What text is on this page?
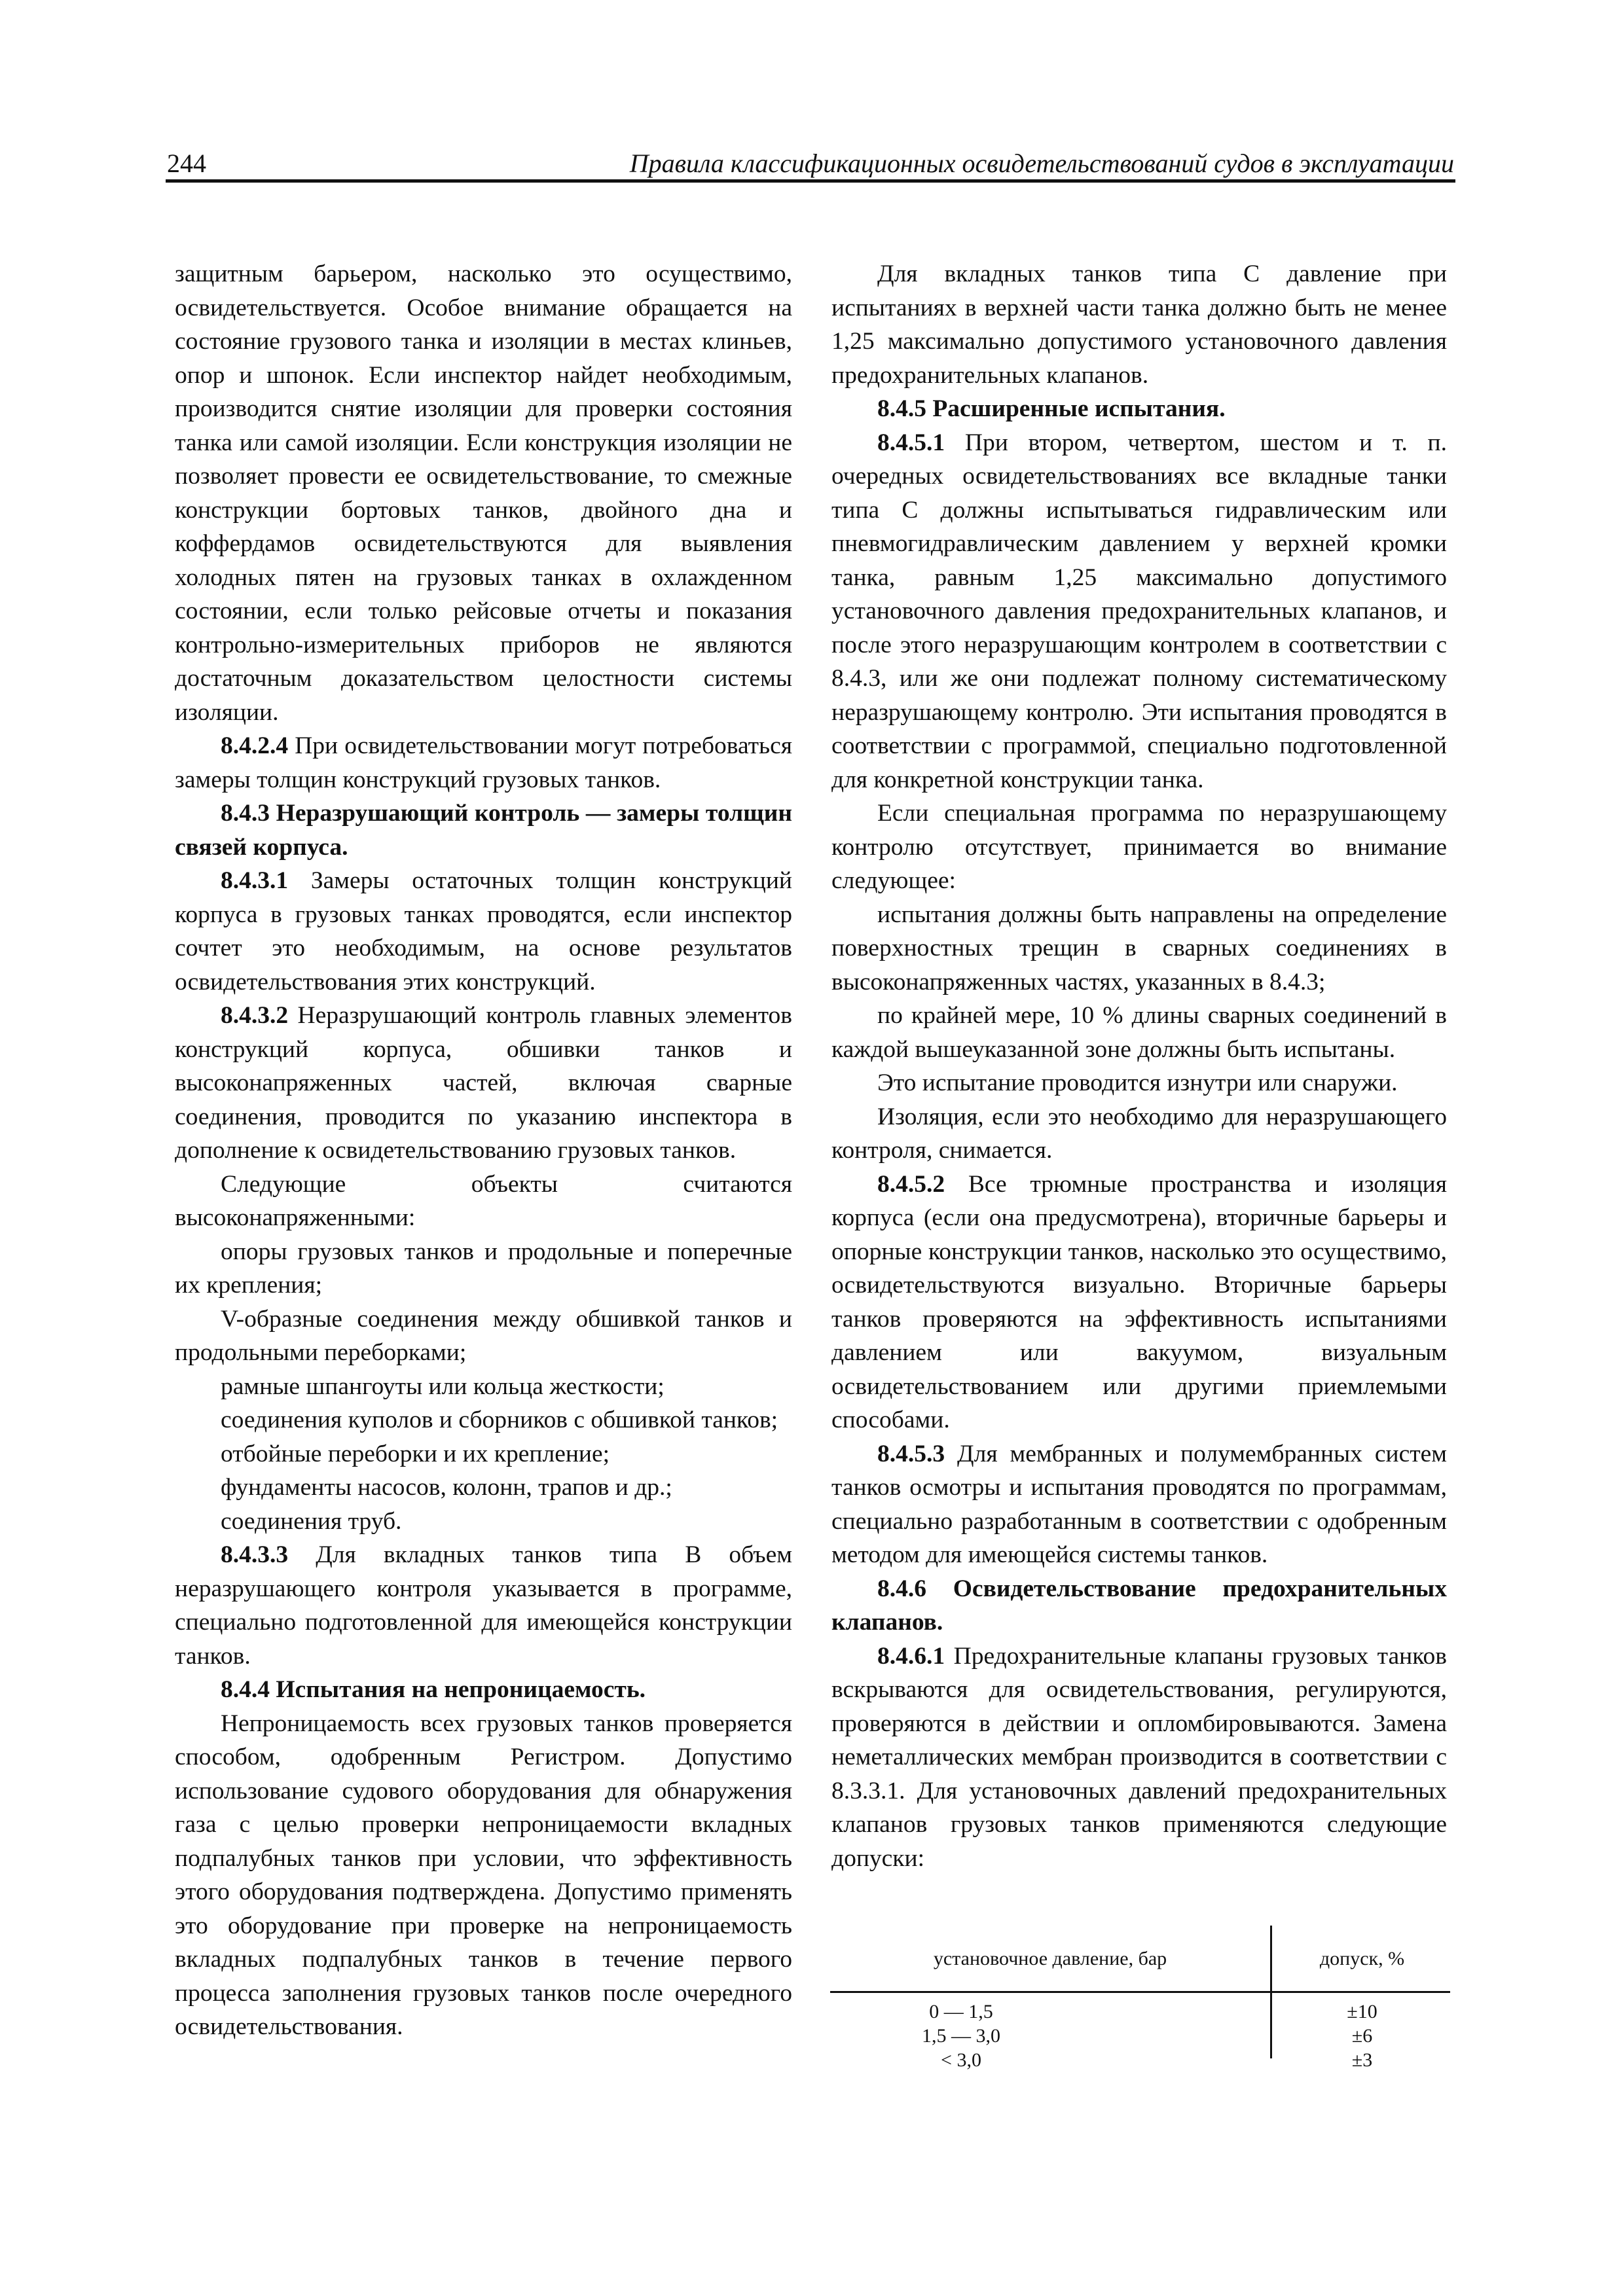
244	Правила классификационных освидетельствований судов в эксплуатации

защитным барьером, насколько это осуществимо, освидетельствуется. Особое внимание обращается на состояние грузового танка и изоляции в местах клиньев, опор и шпонок. Если инспектор найдет необходимым, производится снятие изоляции для проверки состояния танка или самой изоляции. Если конструкция изоляции не позволяет провести ее освидетельствование, то смежные конструкции бортовых танков, двойного дна и коффердамов освидетельствуются для выявления холодных пятен на грузовых танках в охлажденном состоянии, если только рейсовые отчеты и показания контрольно-измерительных приборов не являются достаточным доказательством целостности системы изоляции.

8.4.2.4 При освидетельствовании могут потребоваться замеры толщин конструкций грузовых танков.

8.4.3 Неразрушающий контроль — замеры толщин связей корпуса.

8.4.3.1 Замеры остаточных толщин конструкций корпуса в грузовых танках проводятся, если инспектор сочтет это необходимым, на основе результатов освидетельствования этих конструкций.

8.4.3.2 Неразрушающий контроль главных элементов конструкций корпуса, обшивки танков и высоконапряженных частей, включая сварные соединения, проводится по указанию инспектора в дополнение к освидетельствованию грузовых танков.

Следующие объекты считаются высоконапряженными:

опоры грузовых танков и продольные и поперечные их крепления;

V-образные соединения между обшивкой танков и продольными переборками;

рамные шпангоуты или кольца жесткости;

соединения куполов и сборников с обшивкой танков;

отбойные переборки и их крепление;

фундаменты насосов, колонн, трапов и др.;

соединения труб.

8.4.3.3 Для вкладных танков типа В объем неразрушающего контроля указывается в программе, специально подготовленной для имеющейся конструкции танков.

8.4.4 Испытания на непроницаемость.

Непроницаемость всех грузовых танков проверяется способом, одобренным Регистром. Допустимо использование судового оборудования для обнаружения газа с целью проверки непроницаемости вкладных подпалубных танков при условии, что эффективность этого оборудования подтверждена. Допустимо применять это оборудование при проверке на непроницаемость вкладных подпалубных танков в течение первого процесса заполнения грузовых танков после очередного освидетельствования.

Для вкладных танков типа С давление при испытаниях в верхней части танка должно быть не менее 1,25 максимально допустимого установочного давления предохранительных клапанов.

8.4.5 Расширенные испытания.

8.4.5.1 При втором, четвертом, шестом и т. п. очередных освидетельствованиях все вкладные танки типа С должны испытываться гидравлическим или пневмогидравлическим давлением у верхней кромки танка, равным 1,25 максимально допустимого установочного давления предохранительных клапанов, и после этого неразрушающим контролем в соответствии с 8.4.3, или же они подлежат полному систематическому неразрушающему контролю. Эти испытания проводятся в соответствии с программой, специально подготовленной для конкретной конструкции танка.

Если специальная программа по неразрушающему контролю отсутствует, принимается во внимание следующее:

испытания должны быть направлены на определение поверхностных трещин в сварных соединениях в высоконапряженных частях, указанных в 8.4.3;

по крайней мере, 10 % длины сварных соединений в каждой вышеуказанной зоне должны быть испытаны.

Это испытание проводится изнутри или снаружи.

Изоляция, если это необходимо для неразрушающего контроля, снимается.

8.4.5.2 Все трюмные пространства и изоляция корпуса (если она предусмотрена), вторичные барьеры и опорные конструкции танков, насколько это осуществимо, освидетельствуются визуально. Вторичные барьеры танков проверяются на эффективность испытаниями давлением или вакуумом, визуальным освидетельствованием или другими приемлемыми способами.

8.4.5.3 Для мембранных и полумембранных систем танков осмотры и испытания проводятся по программам, специально разработанным в соответствии с одобренным методом для имеющейся системы танков.

8.4.6 Освидетельствование предохранительных клапанов.

8.4.6.1 Предохранительные клапаны грузовых танков вскрываются для освидетельствования, регулируются, проверяются в действии и опломбировываются. Замена неметаллических мембран производится в соответствии с 8.3.3.1. Для установочных давлений предохранительных клапанов грузовых танков применяются следующие допуски:

установочное давление, бар	допуск, %
0 — 1,5	±10
1,5 — 3,0	±6
< 3,0	±3
